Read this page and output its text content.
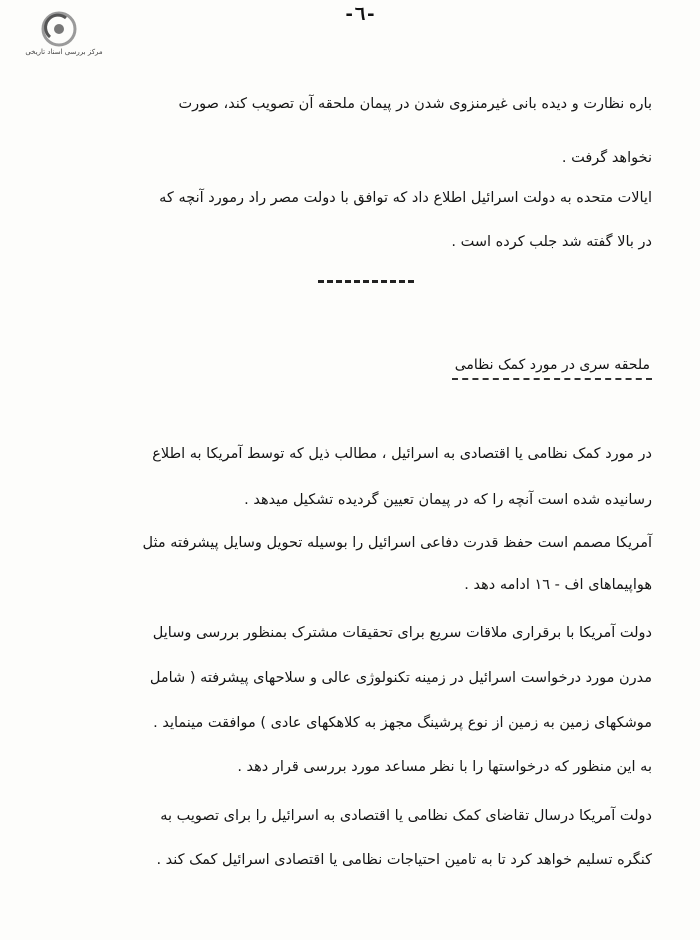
مرکز بررسی اسناد تاریخی
-٦-
باره نظارت و دیده بانی غیرمنزوی شدن در پیمان ملحقه آن تصویب کند، صورت
نخواهد گرفت .
ایالات متحده به دولت اسرائیل اطلاع داد که توافق با دولت مصر راد رمورد آنچه که
در بالا گفته شد جلب کرده است .
ملحقه سری در مورد کمک نظامی
در مورد کمک نظامی یا اقتصادی به اسرائیل ، مطالب ذیل که توسط آمریکا به اطلاع
رسانیده شده است آنچه را که در پیمان تعیین گردیده تشکیل میدهد .
آمریکا مصمم است حفظ قدرت دفاعی اسرائیل را بوسیله تحویل وسایل پیشرفته مثل
هواپیماهای اف - ۱٦ ادامه دهد .
دولت آمریکا با برقراری ملاقات سریع برای تحقیقات مشترک بمنظور بررسی وسایل
مدرن مورد درخواست اسرائیل در زمینه تکنولوژی عالی و سلاحهای پیشرفته ( شامل
موشکهای زمین به زمین از نوع پرشینگ مجهز به کلاهکهای عادی ) موافقت مینماید .
به این منظور که درخواستها را با نظر مساعد مورد بررسی قرار دهد .
دولت آمریکا درسال تقاضای کمک نظامی یا اقتصادی به اسرائیل را برای تصویب به
کنگره تسلیم خواهد کرد تا به تامین احتیاجات نظامی یا اقتصادی اسرائیل کمک کند .
